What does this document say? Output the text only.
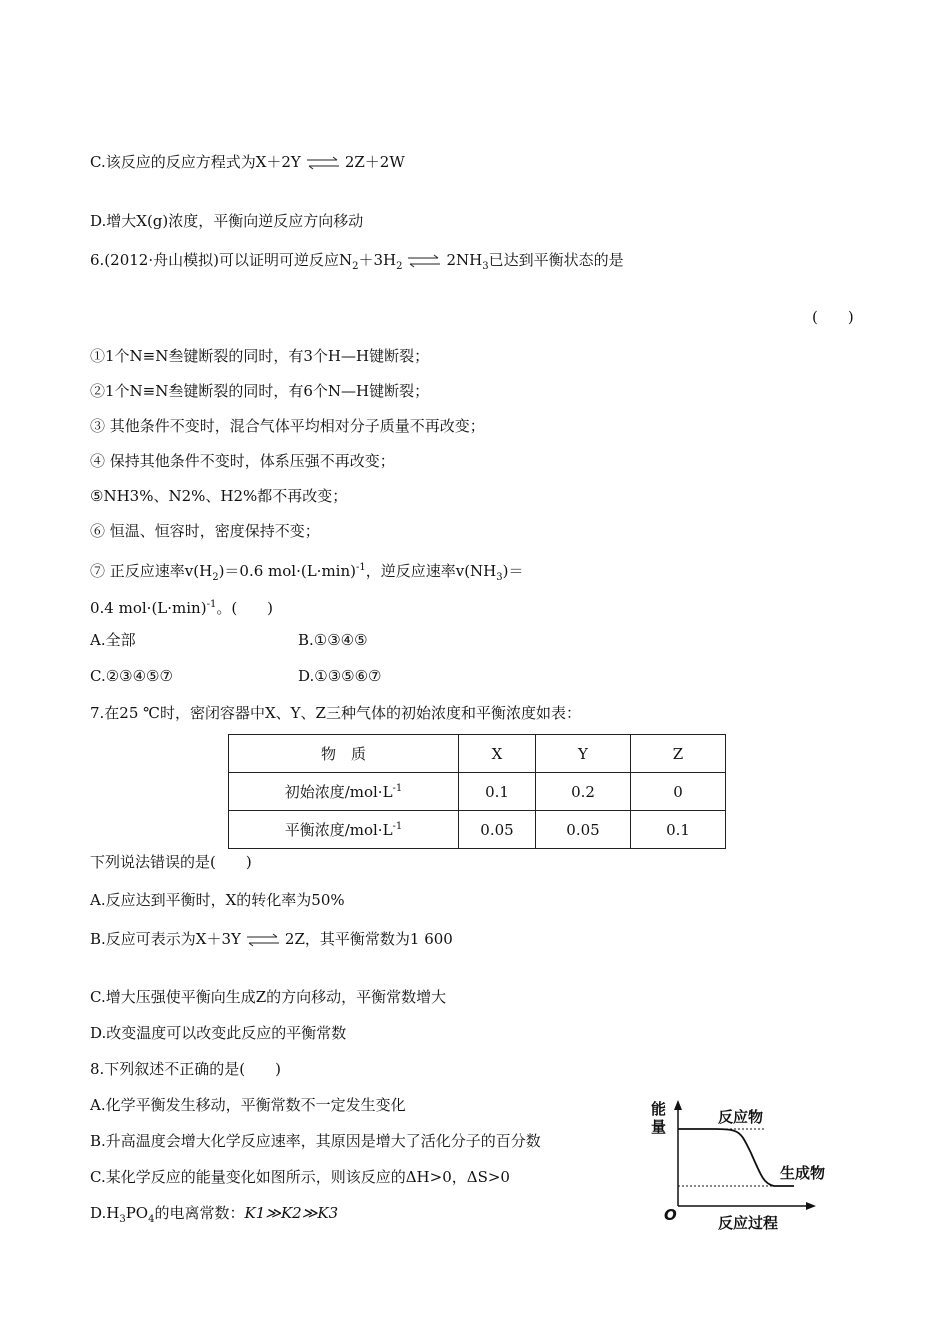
C.该反应的反应方程式为X＋2Y ⇌ 2Z＋2W
D.增大X(g)浓度，平衡向逆反应方向移动
6.(2012·舟山模拟)可以证明可逆反应$N_2+3H_2$ ⇌ $2NH_3$已达到平衡状态的是
(　　)
①1个N≡N叁键断裂的同时，有3个H—H键断裂；
②1个N≡N叁键断裂的同时，有6个N—H键断裂；
③ 其他条件不变时，混合气体平均相对分子质量不再改变；
④ 保持其他条件不变时，体系压强不再改变；
⑤NH3%、N2%、H2%都不再改变；
⑥ 恒温、恒容时，密度保持不变；
⑦ 正反应速率$v(H_2)=0.6$ $mol\cdot(L\cdot\min)^{-1}$，逆反应速率$v(NH_3)=$
0.4 $mol\cdot(L\cdot\min)^{-1}$。(　　)
A.全部	B.①③④⑤
C.②③④⑤⑦	D.①③⑤⑥⑦
7.在25 ℃时，密闭容器中X、Y、Z三种气体的初始浓度和平衡浓度如表：
物　质	X	Y	Z
初始浓度$/mol\cdot L^{-1}$	0.1	0.2	0
平衡浓度$/mol\cdot L^{-1}$	0.05	0.05	0.1
下列说法错误的是(　　)
A.反应达到平衡时，X的转化率为50%
B.反应可表示为X＋3Y ⇌ 2Z，其平衡常数为1 600
C.增大压强使平衡向生成Z的方向移动，平衡常数增大
D.改变温度可以改变此反应的平衡常数
8.下列叙述不正确的是(　　)
A.化学平衡发生移动，平衡常数不一定发生变化
B.升高温度会增大化学反应速率，其原因是增大了活化分子的百分数
C.某化学反应的能量变化如图所示，则该反应的ΔH>0，ΔS>0
$D.H_3PO_4$的电离常数：K1≫K2≫K3
能
量
O
反应物
生成物
反应过程
